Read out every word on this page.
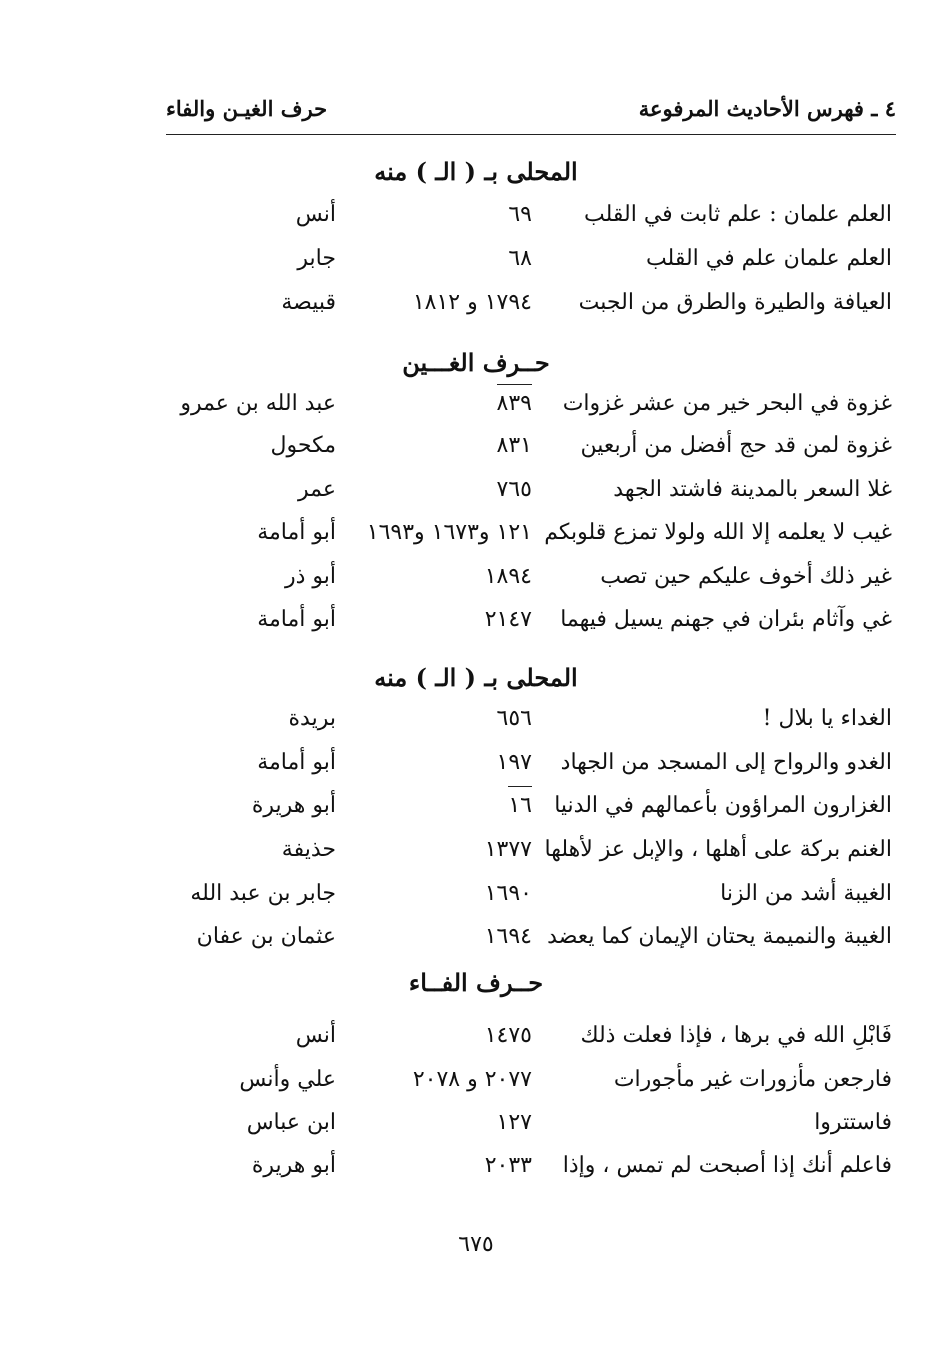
٤ ـ فهرس الأحاديث المرفوعة
حرف الغيـن والفاء
المحلى بـ ( الـ ) منه
العلم علمان : علم ثابت في القلب
٦٩
أنس
العلم علمان علم في القلب
٦٨
جابر
العيافة والطيرة والطرق من الجبت
١٧٩٤ و ١٨١٢
قبيصة
حــرف الغـــين
غزوة في البحر خير من عشر غزوات
٨٣٩
عبد الله بن عمرو
غزوة لمن قد حج أفضل من أربعين
٨٣١
مكحول
غلا السعر بالمدينة فاشتد الجهد
٧٦٥
عمر
غيب لا يعلمه إلا الله ولولا تمزع قلوبكم
١٢١ و١٦٧٣ و١٦٩٣
أبو أمامة
غير ذلك أخوف عليكم حين تصب
١٨٩٤
أبو ذر
غي وآثام بئران في جهنم يسيل فيهما
٢١٤٧
أبو أمامة
المحلى بـ ( الـ ) منه
الغداء يا بلال !
٦٥٦
بريدة
الغدو والرواح إلى المسجد من الجهاد
١٩٧
أبو أمامة
الغزارون المراؤون بأعمالهم في الدنيا
١٦
أبو هريرة
الغنم بركة على أهلها ، والإبل عز لأهلها
١٣٧٧
حذيفة
الغيبة أشد من الزنا
١٦٩٠
جابر بن عبد الله
الغيبة والنميمة يحتان الإيمان كما يعضد
١٦٩٤
عثمان بن عفان
حــرف الفــاء
فَابْلِ الله في برها ، فإذا فعلت ذلك
١٤٧٥
أنس
فارجعن مأزورات غير مأجورات
٢٠٧٧ و ٢٠٧٨
علي وأنس
فاستتروا
١٢٧
ابن عباس
فاعلم أنك إذا أصبحت لم تمس ، وإذا
٢٠٣٣
أبو هريرة
٦٧٥
